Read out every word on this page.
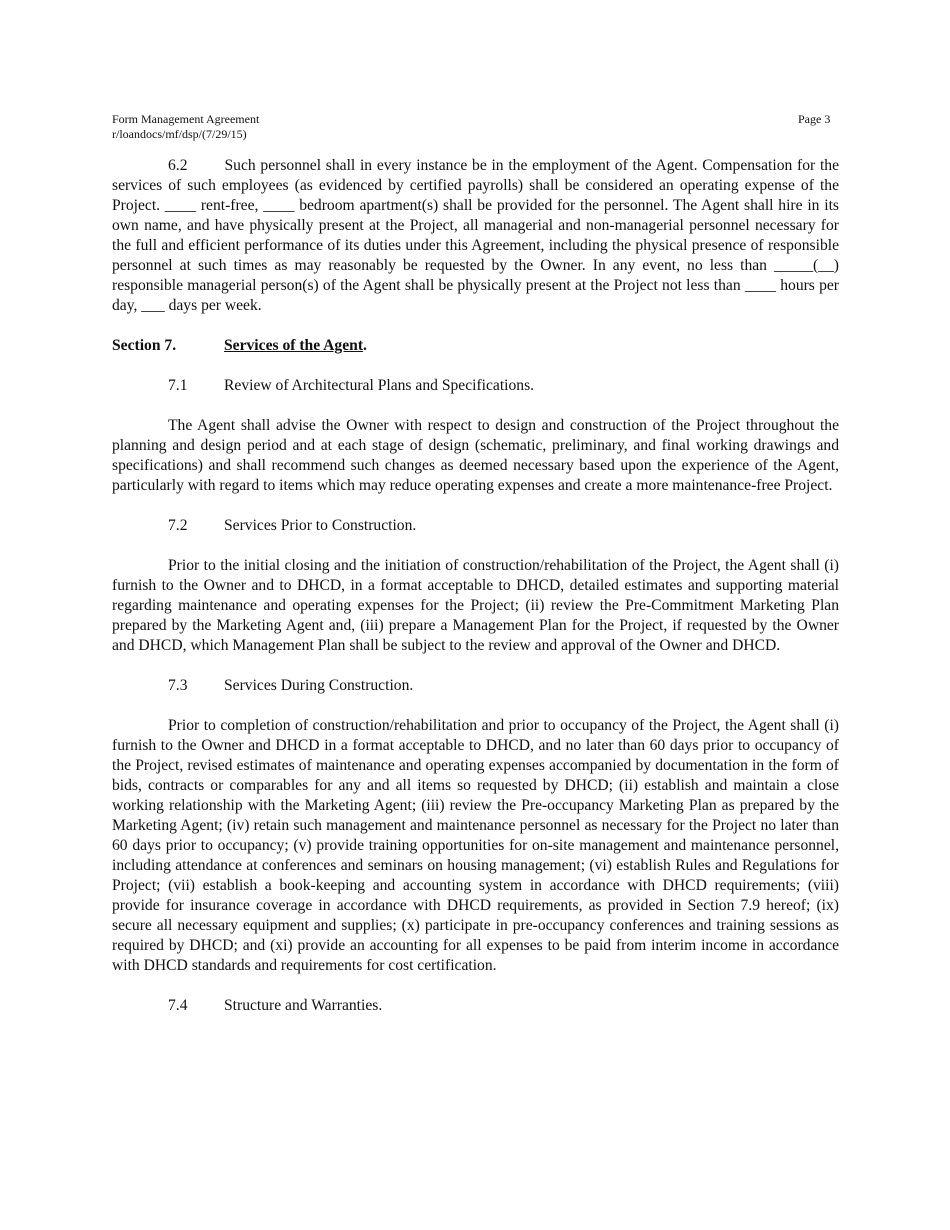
Form Management Agreement
r/loandocs/mf/dsp/(7/29/15)
Page 3

6.2 Such personnel shall in every instance be in the employment of the Agent. Compensation for the services of such employees (as evidenced by certified payrolls) shall be considered an operating expense of the Project. ____ rent-free, ____ bedroom apartment(s) shall be provided for the personnel. The Agent shall hire in its own name, and have physically present at the Project, all managerial and non-managerial personnel necessary for the full and efficient performance of its duties under this Agreement, including the physical presence of responsible personnel at such times as may reasonably be requested by the Owner. In any event, no less than _____(__) responsible managerial person(s) of the Agent shall be physically present at the Project not less than ____ hours per day, ___ days per week.

Section 7.	Services of the Agent.
7.1	Review of Architectural Plans and Specifications.

The Agent shall advise the Owner with respect to design and construction of the Project throughout the planning and design period and at each stage of design (schematic, preliminary, and final working drawings and specifications) and shall recommend such changes as deemed necessary based upon the experience of the Agent, particularly with regard to items which may reduce operating expenses and create a more maintenance-free Project.

7.2	Services Prior to Construction.

Prior to the initial closing and the initiation of construction/rehabilitation of the Project, the Agent shall (i) furnish to the Owner and to DHCD, in a format acceptable to DHCD, detailed estimates and supporting material regarding maintenance and operating expenses for the Project; (ii) review the Pre-Commitment Marketing Plan prepared by the Marketing Agent and, (iii) prepare a Management Plan for the Project, if requested by the Owner and DHCD, which Management Plan shall be subject to the review and approval of the Owner and DHCD.

7.3	Services During Construction.

Prior to completion of construction/rehabilitation and prior to occupancy of the Project, the Agent shall (i) furnish to the Owner and DHCD in a format acceptable to DHCD, and no later than 60 days prior to occupancy of the Project, revised estimates of maintenance and operating expenses accompanied by documentation in the form of bids, contracts or comparables for any and all items so requested by DHCD; (ii) establish and maintain a close working relationship with the Marketing Agent; (iii) review the Pre-occupancy Marketing Plan as prepared by the Marketing Agent; (iv) retain such management and maintenance personnel as necessary for the Project no later than 60 days prior to occupancy; (v) provide training opportunities for on-site management and maintenance personnel, including attendance at conferences and seminars on housing management; (vi) establish Rules and Regulations for Project; (vii) establish a book-keeping and accounting system in accordance with DHCD requirements; (viii) provide for insurance coverage in accordance with DHCD requirements, as provided in Section 7.9 hereof; (ix) secure all necessary equipment and supplies; (x) participate in pre-occupancy conferences and training sessions as required by DHCD; and (xi) provide an accounting for all expenses to be paid from interim income in accordance with DHCD standards and requirements for cost certification.

7.4	Structure and Warranties.
